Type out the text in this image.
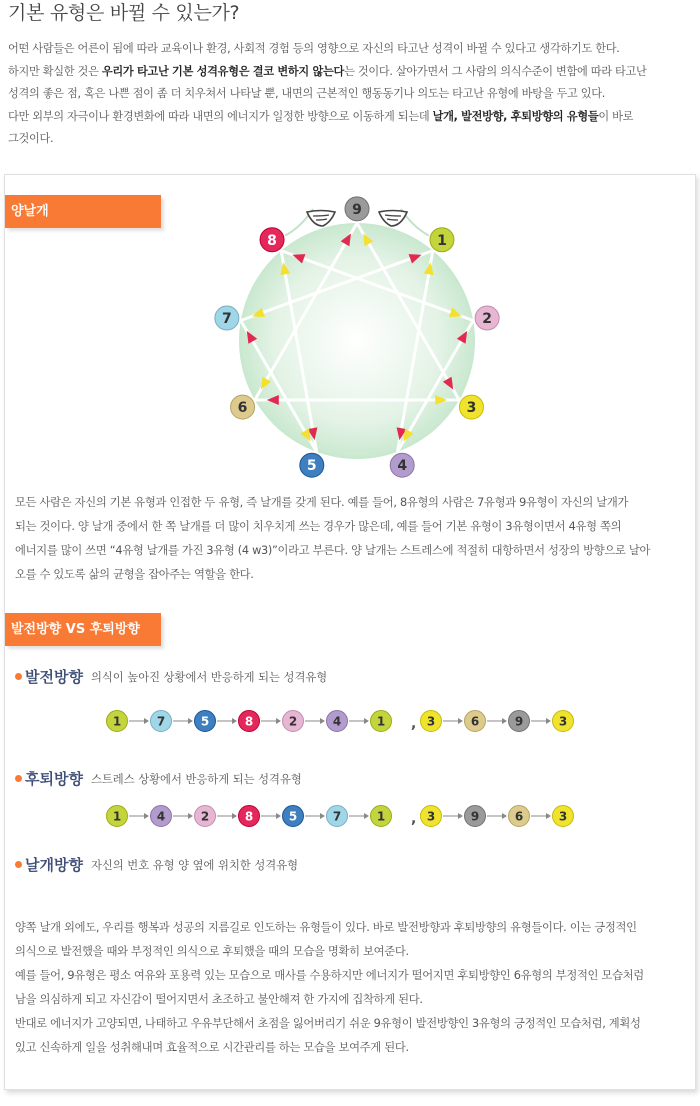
기본 유형은 바뀔 수 있는가?

어떤 사람들은 어른이 됨에 따라 교육이나 환경, 사회적 경험 등의 영향으로 자신의 타고난 성격이 바뀔 수 있다고 생각하기도 한다.

하지만 확실한 것은 우리가 타고난 기본 성격유형은 결코 변하지 않는다는 것이다. 살아가면서 그 사람의 의식수준이 변함에 따라 타고난

성격의 좋은 점, 혹은 나쁜 점이 좀 더 치우쳐서 나타날 뿐, 내면의 근본적인 행동동기나 의도는 타고난 유형에 바탕을 두고 있다.

다만 외부의 자극이나 환경변화에 따라 내면의 에너지가 일정한 방향으로 이동하게 되는데 날개, 발전방향, 후퇴방향의 유형들이 바로

그것이다.

양날개	9
1
2
3
4
5
6
7
8

모든 사람은 자신의 기본 유형과 인접한 두 유형, 즉 날개를 갖게 된다. 예를 들어, 8유형의 사람은 7유형과 9유형이 자신의 날개가

되는 것이다. 양 날개 중에서 한 쪽 날개를 더 많이 치우치게 쓰는 경우가 많은데, 예를 들어 기본 유형이 3유형이면서 4유형 쪽의

에너지를 많이 쓰면 “4유형 날개를 가진 3유형 (4 w3)”이라고 부른다. 양 날개는 스트레스에 적절히 대항하면서 성장의 방향으로 날아

오를 수 있도록 삶의 균형을 잡아주는 역할을 한다.

발전방향 VS 후퇴방향
발전방향 의식이 높아진 상황에서 반응하게 되는 성격유형
1	7	5	8	2	4	1 , 3	6	9	3
후퇴방향 스트레스 상황에서 반응하게 되는 성격유형
1	4	2	8	5	7	1 , 3	9	6	3
날개방향 자신의 번호 유형 양 옆에 위치한 성격유형

양쪽 날개 외에도, 우리를 행복과 성공의 지름길로 인도하는 유형들이 있다. 바로 발전방향과 후퇴방향의 유형들이다. 이는 긍정적인

의식으로 발전했을 때와 부정적인 의식으로 후퇴했을 때의 모습을 명확히 보여준다.

예를 들어, 9유형은 평소 여유와 포용력 있는 모습으로 매사를 수용하지만 에너지가 떨어지면 후퇴방향인 6유형의 부정적인 모습처럼

남을 의심하게 되고 자신감이 떨어지면서 초조하고 불안해져 한 가지에 집착하게 된다.

반대로 에너지가 고양되면, 나태하고 우유부단해서 초점을 잃어버리기 쉬운 9유형이 발전방향인 3유형의 긍정적인 모습처럼, 계획성

있고 신속하게 일을 성취해내며 효율적으로 시간관리를 하는 모습을 보여주게 된다.
